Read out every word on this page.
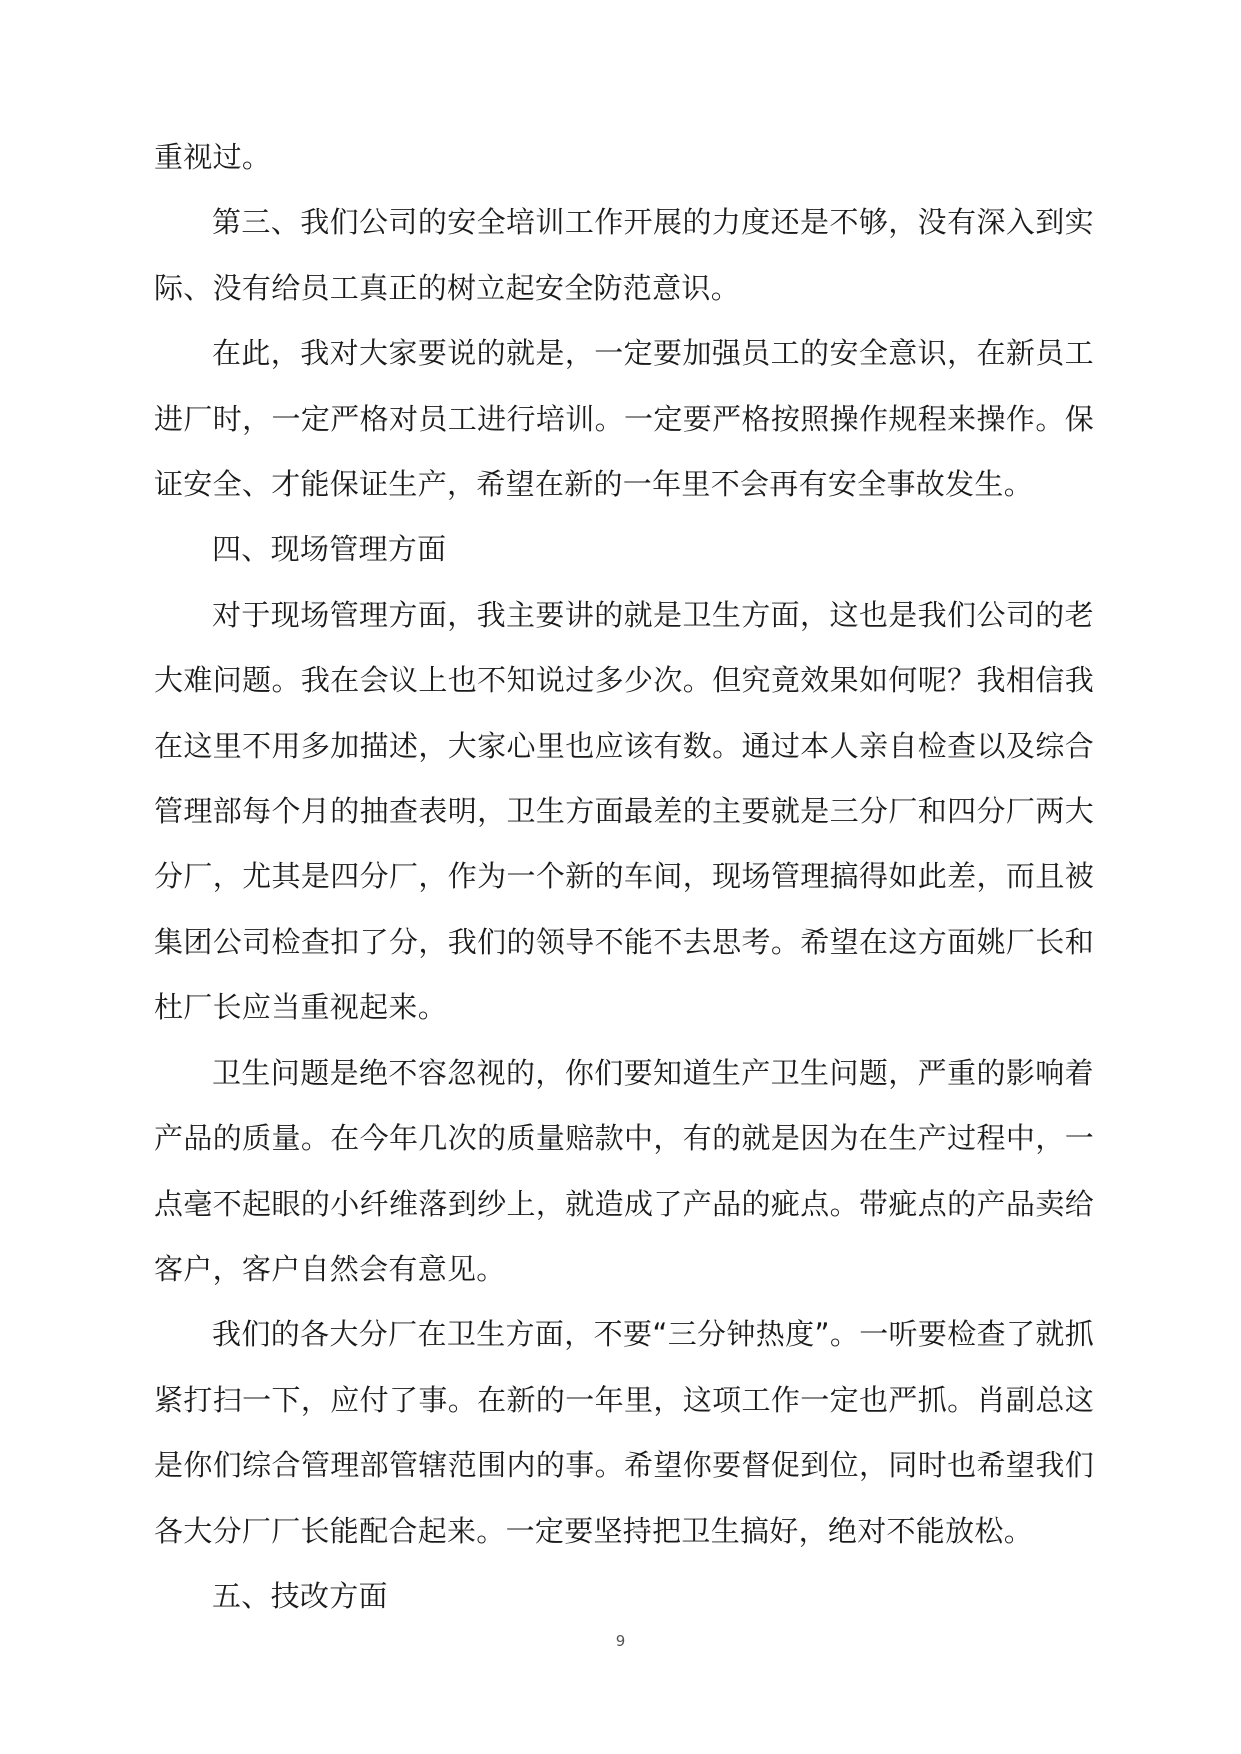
重视过。

第三、我们公司的安全培训工作开展的力度还是不够，没有深入到实际、没有给员工真正的树立起安全防范意识。

在此，我对大家要说的就是，一定要加强员工的安全意识，在新员工进厂时，一定严格对员工进行培训。一定要严格按照操作规程来操作。保证安全、才能保证生产，希望在新的一年里不会再有安全事故发生。

四、现场管理方面

对于现场管理方面，我主要讲的就是卫生方面，这也是我们公司的老大难问题。我在会议上也不知说过多少次。但究竟效果如何呢？我相信我在这里不用多加描述，大家心里也应该有数。通过本人亲自检查以及综合管理部每个月的抽查表明，卫生方面最差的主要就是三分厂和四分厂两大分厂，尤其是四分厂，作为一个新的车间，现场管理搞得如此差，而且被集团公司检查扣了分，我们的领导不能不去思考。希望在这方面姚厂长和杜厂长应当重视起来。

卫生问题是绝不容忽视的，你们要知道生产卫生问题，严重的影响着产品的质量。在今年几次的质量赔款中，有的就是因为在生产过程中，一点毫不起眼的小纤维落到纱上，就造成了产品的疵点。带疵点的产品卖给客户，客户自然会有意见。

我们的各大分厂在卫生方面，不要“三分钟热度”。一听要检查了就抓紧打扫一下，应付了事。在新的一年里，这项工作一定也严抓。肖副总这是你们综合管理部管辖范围内的事。希望你要督促到位，同时也希望我们各大分厂厂长能配合起来。一定要坚持把卫生搞好，绝对不能放松。

五、技改方面

9
